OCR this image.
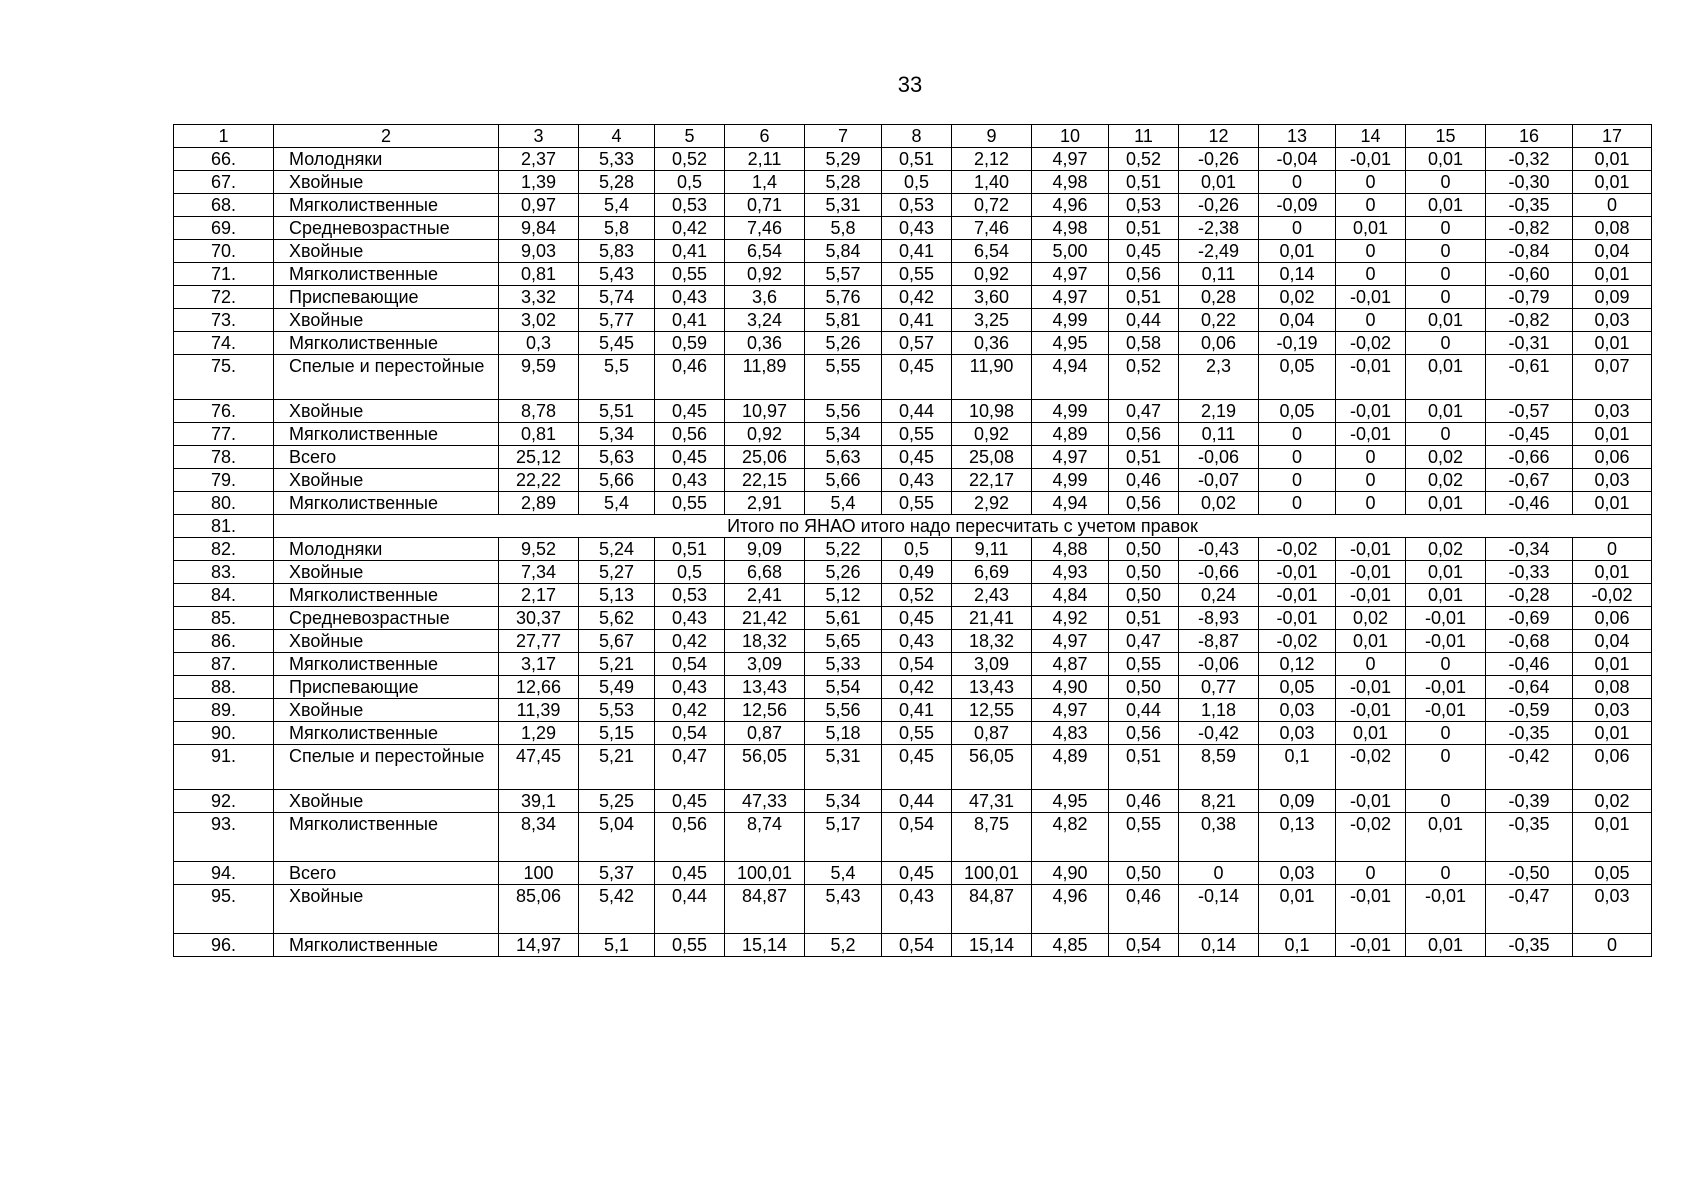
33
1	2	3	4	5	6	7	8	9	10	11	12	13	14	15	16	17
66.	Молодняки	2,37	5,33	0,52	2,11	5,29	0,51	2,12	4,97	0,52	-0,26	-0,04	-0,01	0,01	-0,32	0,01
67.	Хвойные	1,39	5,28	0,5	1,4	5,28	0,5	1,40	4,98	0,51	0,01	0	0	0	-0,30	0,01
68.	Мягколиственные	0,97	5,4	0,53	0,71	5,31	0,53	0,72	4,96	0,53	-0,26	-0,09	0	0,01	-0,35	0
69.	Средневозрастные	9,84	5,8	0,42	7,46	5,8	0,43	7,46	4,98	0,51	-2,38	0	0,01	0	-0,82	0,08
70.	Хвойные	9,03	5,83	0,41	6,54	5,84	0,41	6,54	5,00	0,45	-2,49	0,01	0	0	-0,84	0,04
71.	Мягколиственные	0,81	5,43	0,55	0,92	5,57	0,55	0,92	4,97	0,56	0,11	0,14	0	0	-0,60	0,01
72.	Приспевающие	3,32	5,74	0,43	3,6	5,76	0,42	3,60	4,97	0,51	0,28	0,02	-0,01	0	-0,79	0,09
73.	Хвойные	3,02	5,77	0,41	3,24	5,81	0,41	3,25	4,99	0,44	0,22	0,04	0	0,01	-0,82	0,03
74.	Мягколиственные	0,3	5,45	0,59	0,36	5,26	0,57	0,36	4,95	0,58	0,06	-0,19	-0,02	0	-0,31	0,01
75.	Спелые и перестойные	9,59	5,5	0,46	11,89	5,55	0,45	11,90	4,94	0,52	2,3	0,05	-0,01	0,01	-0,61	0,07
76.	Хвойные	8,78	5,51	0,45	10,97	5,56	0,44	10,98	4,99	0,47	2,19	0,05	-0,01	0,01	-0,57	0,03
77.	Мягколиственные	0,81	5,34	0,56	0,92	5,34	0,55	0,92	4,89	0,56	0,11	0	-0,01	0	-0,45	0,01
78.	Всего	25,12	5,63	0,45	25,06	5,63	0,45	25,08	4,97	0,51	-0,06	0	0	0,02	-0,66	0,06
79.	Хвойные	22,22	5,66	0,43	22,15	5,66	0,43	22,17	4,99	0,46	-0,07	0	0	0,02	-0,67	0,03
80.	Мягколиственные	2,89	5,4	0,55	2,91	5,4	0,55	2,92	4,94	0,56	0,02	0	0	0,01	-0,46	0,01
81.	Итого по ЯНАО итого надо пересчитать с учетом правок															
82.	Молодняки	9,52	5,24	0,51	9,09	5,22	0,5	9,11	4,88	0,50	-0,43	-0,02	-0,01	0,02	-0,34	0
83.	Хвойные	7,34	5,27	0,5	6,68	5,26	0,49	6,69	4,93	0,50	-0,66	-0,01	-0,01	0,01	-0,33	0,01
84.	Мягколиственные	2,17	5,13	0,53	2,41	5,12	0,52	2,43	4,84	0,50	0,24	-0,01	-0,01	0,01	-0,28	-0,02
85.	Средневозрастные	30,37	5,62	0,43	21,42	5,61	0,45	21,41	4,92	0,51	-8,93	-0,01	0,02	-0,01	-0,69	0,06
86.	Хвойные	27,77	5,67	0,42	18,32	5,65	0,43	18,32	4,97	0,47	-8,87	-0,02	0,01	-0,01	-0,68	0,04
87.	Мягколиственные	3,17	5,21	0,54	3,09	5,33	0,54	3,09	4,87	0,55	-0,06	0,12	0	0	-0,46	0,01
88.	Приспевающие	12,66	5,49	0,43	13,43	5,54	0,42	13,43	4,90	0,50	0,77	0,05	-0,01	-0,01	-0,64	0,08
89.	Хвойные	11,39	5,53	0,42	12,56	5,56	0,41	12,55	4,97	0,44	1,18	0,03	-0,01	-0,01	-0,59	0,03
90.	Мягколиственные	1,29	5,15	0,54	0,87	5,18	0,55	0,87	4,83	0,56	-0,42	0,03	0,01	0	-0,35	0,01
91.	Спелые и перестойные	47,45	5,21	0,47	56,05	5,31	0,45	56,05	4,89	0,51	8,59	0,1	-0,02	0	-0,42	0,06
92.	Хвойные	39,1	5,25	0,45	47,33	5,34	0,44	47,31	4,95	0,46	8,21	0,09	-0,01	0	-0,39	0,02
93.	Мягколиственные	8,34	5,04	0,56	8,74	5,17	0,54	8,75	4,82	0,55	0,38	0,13	-0,02	0,01	-0,35	0,01
94.	Всего	100	5,37	0,45	100,01	5,4	0,45	100,01	4,90	0,50	0	0,03	0	0	-0,50	0,05
95.	Хвойные	85,06	5,42	0,44	84,87	5,43	0,43	84,87	4,96	0,46	-0,14	0,01	-0,01	-0,01	-0,47	0,03
96.	Мягколиственные	14,97	5,1	0,55	15,14	5,2	0,54	15,14	4,85	0,54	0,14	0,1	-0,01	0,01	-0,35	0
